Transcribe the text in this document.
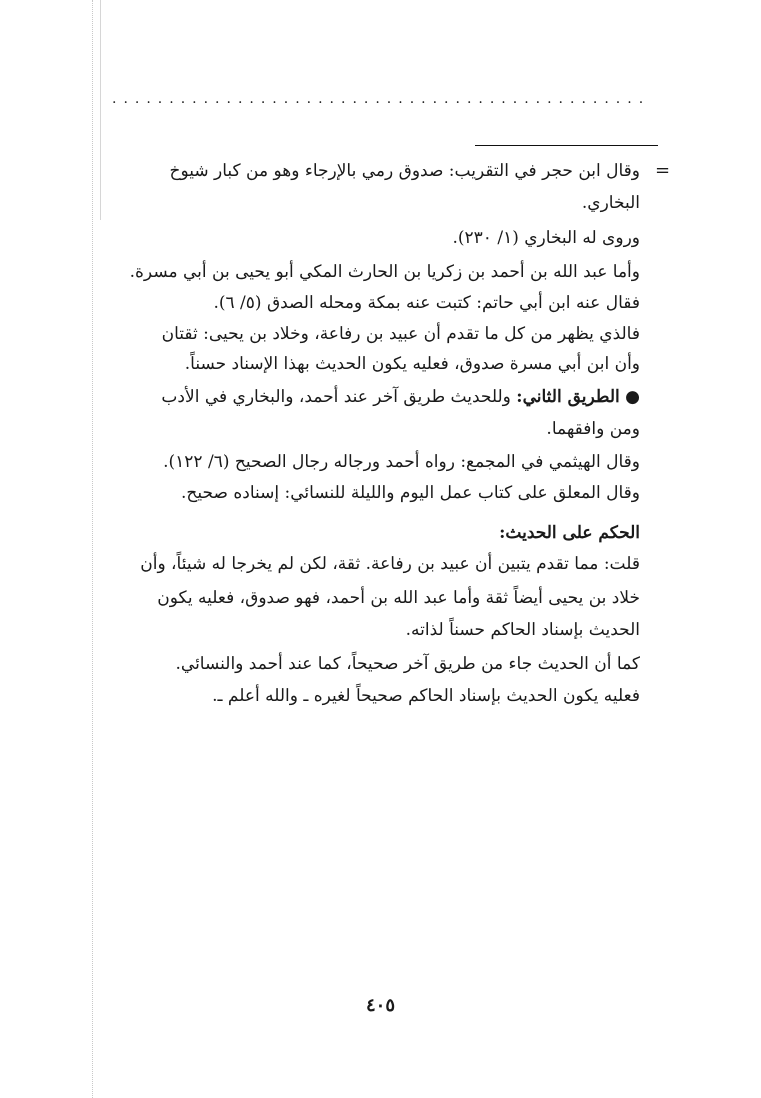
...............................................
=
وقال ابن حجر في التقريب: صدوق رمي بالإرجاء وهو من كبار شيوخ
البخاري.
وروى له البخاري (١/ ٢٣٠).
وأما عبد الله بن أحمد بن زكريا بن الحارث المكي أبو يحيى بن أبي مسرة.
فقال عنه ابن أبي حاتم: كتبت عنه بمكة ومحله الصدق (٥/ ٦).
فالذي يظهر من كل ما تقدم أن عبيد بن رفاعة، وخلاد بن يحيى: ثقتان
وأن ابن أبي مسرة صدوق، فعليه يكون الحديث بهذا الإسناد حسناً.
● الطريق الثاني: وللحديث طريق آخر عند أحمد، والبخاري في الأدب
ومن وافقهما.
وقال الهيثمي في المجمع: رواه أحمد ورجاله رجال الصحيح (٦/ ١٢٢).
وقال المعلق على كتاب عمل اليوم والليلة للنسائي: إسناده صحيح.
الحكم على الحديث:
قلت: مما تقدم يتبين أن عبيد بن رفاعة. ثقة، لكن لم يخرجا له شيئاً، وأن
خلاد بن يحيى أيضاً ثقة وأما عبد الله بن أحمد، فهو صدوق، فعليه يكون
الحديث بإسناد الحاكم حسناً لذاته.
كما أن الحديث جاء من طريق آخر صحيحاً، كما عند أحمد والنسائي.
فعليه يكون الحديث بإسناد الحاكم صحيحاً لغيره ـ والله أعلم ـ.
٤٠٥
